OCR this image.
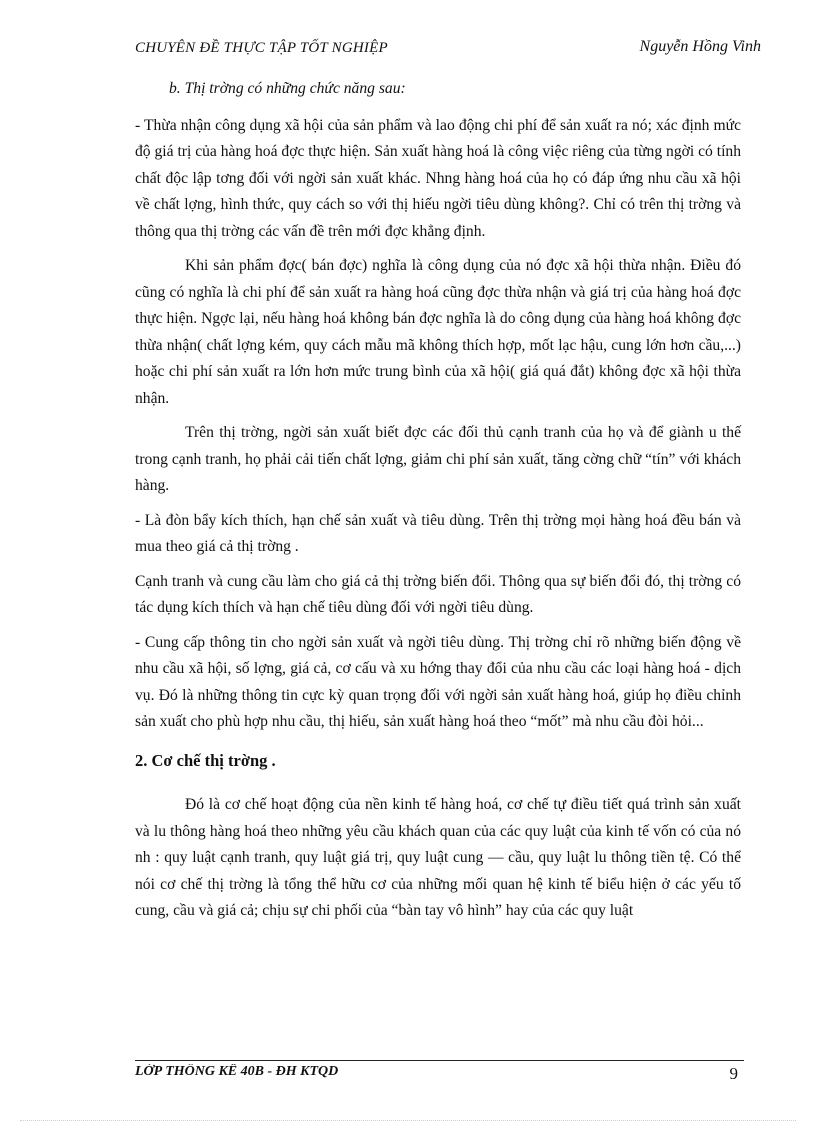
CHUYÊN ĐỀ THỰC TẬP TỐT NGHIỆP	Nguyễn Hồng Vinh

b. Thị trờng có những chức năng sau:

- Thừa nhận công dụng xã hội của sản phẩm và lao động chi phí để sản xuất ra nó; xác định mức độ giá trị của hàng hoá đợc thực hiện. Sản xuất hàng hoá là công việc riêng của từng ngời có tính chất độc lập tơng đối với ngời sản xuất khác. Nhng hàng hoá của họ có đáp ứng nhu cầu xã hội về chất lợng, hình thức, quy cách so với thị hiếu ngời tiêu dùng không?. Chỉ có trên thị trờng và thông qua thị trờng các vấn đề trên mới đợc khẳng định.

Khi sản phẩm đợc( bán đợc) nghĩa là công dụng của nó đợc xã hội thừa nhận. Điều đó cũng có nghĩa là chi phí để sản xuất ra hàng hoá cũng đợc thừa nhận và giá trị của hàng hoá đợc thực hiện. Ngợc lại, nếu hàng hoá không bán đợc nghĩa là do công dụng của hàng hoá không đợc thừa nhận( chất lợng kém, quy cách mẫu mã không thích hợp, mốt lạc hậu, cung lớn hơn cầu,...) hoặc chi phí sản xuất ra lớn hơn mức trung bình của xã hội( giá quá đắt) không đợc xã hội thừa nhận.

Trên thị trờng, ngời sản xuất biết đợc các đối thủ cạnh tranh của họ và để giành u thế trong cạnh tranh, họ phải cải tiến chất lợng, giảm chi phí sản xuất, tăng cờng chữ “tín” với khách hàng.

- Là đòn bẩy kích thích, hạn chế sản xuất và tiêu dùng. Trên thị trờng mọi hàng hoá đều bán và mua theo giá cả thị trờng .

Cạnh tranh và cung cầu làm cho giá cả thị trờng biến đổi. Thông qua sự biến đổi đó, thị trờng có tác dụng kích thích và hạn chế tiêu dùng đối với ngời tiêu dùng.

- Cung cấp thông tin cho ngời sản xuất và ngời tiêu dùng. Thị trờng chỉ rõ những biến động về nhu cầu xã hội, số lợng, giá cả, cơ cấu và xu hớng thay đổi của nhu cầu các loại hàng hoá - dịch vụ. Đó là những thông tin cực kỳ quan trọng đối với ngời sản xuất hàng hoá, giúp họ điều chỉnh sản xuất cho phù hợp nhu cầu, thị hiếu, sản xuất hàng hoá theo “mốt” mà nhu cầu đòi hỏi...

2. Cơ chế thị trờng .

Đó là cơ chế hoạt động của nền kinh tế hàng hoá, cơ chế tự điều tiết quá trình sản xuất và lu thông hàng hoá theo những yêu cầu khách quan của các quy luật của kinh tế vốn có của nó nh : quy luật cạnh tranh, quy luật giá trị, quy luật cung — cầu, quy luật lu thông tiền tệ. Có thể nói cơ chế thị trờng là tổng thể hữu cơ của những mối quan hệ kinh tế biểu hiện ở các yếu tố cung, cầu và giá cả; chịu sự chi phối của “bàn tay vô hình” hay của các quy luật

LỚP THỐNG KÊ 40B - ĐH KTQD	9
